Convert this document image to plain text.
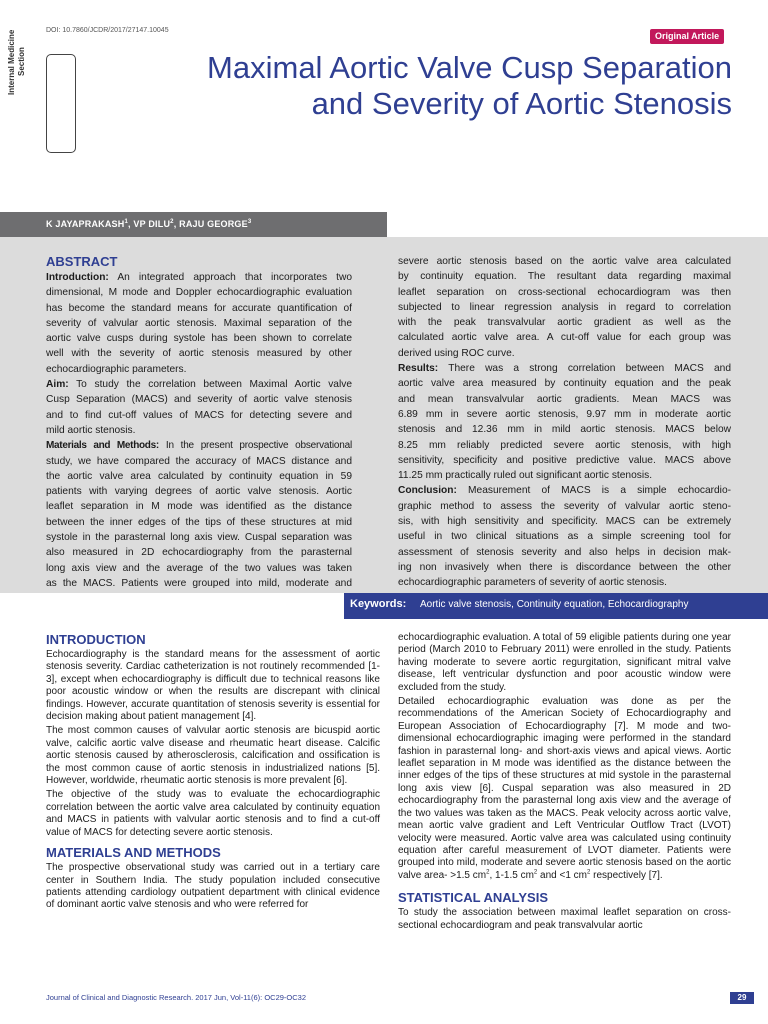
DOI: 10.7860/JCDR/2017/27147.10045
Original Article
Internal Medicine Section	Maximal Aortic Valve Cusp Separation
and Severity of Aortic Stenosis
K JAYAPRAKASH$^1$, VP DILU$^2$, RAJU GEORGE$^3$
ABSTRACT
Introduction: An integrated approach that incorporates two
dimensional, M mode and Doppler echocardiographic evaluation
has become the standard means for accurate quantification of
severity of valvular aortic stenosis. Maximal separation of the
aortic valve cusps during systole has been shown to correlate
well with the severity of aortic stenosis measured by other
echocardiographic parameters.
Aim: To study the correlation between Maximal Aortic valve
Cusp Separation (MACS) and severity of aortic valve stenosis
and to find cut-off values of MACS for detecting severe and
mild aortic stenosis.
Materials and Methods: In the present prospective observational
study, we have compared the accuracy of MACS distance and
the aortic valve area calculated by continuity equation in 59
patients with varying degrees of aortic valve stenosis. Aortic
leaflet separation in M mode was identified as the distance
between the inner edges of the tips of these structures at mid
systole in the parasternal long axis view. Cuspal separation was
also measured in 2D echocardiography from the parasternal
long axis view and the average of the two values was taken
as the MACS. Patients were grouped into mild, moderate and
severe aortic stenosis based on the aortic valve area calculated
by continuity equation. The resultant data regarding maximal
leaflet separation on cross-sectional echocardiogram was then
subjected to linear regression analysis in regard to correlation
with the peak transvalvular aortic gradient as well as the
calculated aortic valve area. A cut-off value for each group was
derived using ROC curve.
Results: There was a strong correlation between MACS and
aortic valve area measured by continuity equation and the peak
and mean transvalvular aortic gradients. Mean MACS was
6.89 mm in severe aortic stenosis, 9.97 mm in moderate aortic
stenosis and 12.36 mm in mild aortic stenosis. MACS below
8.25 mm reliably predicted severe aortic stenosis, with high
sensitivity, specificity and positive predictive value. MACS above
11.25 mm practically ruled out significant aortic stenosis.
Conclusion: Measurement of MACS is a simple echocardio-
graphic method to assess the severity of valvular aortic steno-
sis, with high sensitivity and specificity. MACS can be extremely
useful in two clinical situations as a simple screening tool for
assessment of stenosis severity and also helps in decision mak-
ing non invasively when there is discordance between the other
echocardiographic parameters of severity of aortic stenosis.
Keywords: Aortic valve stenosis, Continuity equation, Echocardiography
INTRODUCTION

Echocardiography is the standard means for the assessment of aortic stenosis severity. Cardiac catheterization is not routinely recommended [1-3], except when echocardiography is difficult due to technical reasons like poor acoustic window or when the results are discrepant with clinical findings. However, accurate quantitation of stenosis severity is essential for decision making about patient management [4].

The most common causes of valvular aortic stenosis are bicuspid aortic valve, calcific aortic valve disease and rheumatic heart disease. Calcific aortic stenosis caused by atherosclerosis, calcification and ossification is the most common cause of aortic stenosis in industrialized nations [5]. However, worldwide, rheumatic aortic stenosis is more prevalent [6].

The objective of the study was to evaluate the echocardiographic correlation between the aortic valve area calculated by continuity equation and MACS in patients with valvular aortic stenosis and to find a cut-off value of MACS for detecting severe aortic stenosis.

MATERIALS AND METHODS

The prospective observational study was carried out in a tertiary care center in Southern India. The study population included consecutive patients attending cardiology outpatient department with clinical evidence of dominant aortic valve stenosis and who were referred for

echocardiographic evaluation. A total of 59 eligible patients during one year period (March 2010 to February 2011) were enrolled in the study. Patients having moderate to severe aortic regurgitation, significant mitral valve disease, left ventricular dysfunction and poor acoustic window were excluded from the study.

Detailed echocardiographic evaluation was done as per the recommendations of the American Society of Echocardiography and European Association of Echocardiography [7]. M mode and two-dimensional echocardiographic imaging were performed in the standard fashion in parasternal long- and short-axis views and apical views. Aortic leaflet separation in M mode was identified as the distance between the inner edges of the tips of these structures at mid systole in the parasternal long axis view [6]. Cuspal separation was also measured in 2D echocardiography from the parasternal long axis view and the average of the two values was taken as the MACS. Peak velocity across aortic valve, mean aortic valve gradient and Left Ventricular Outflow Tract (LVOT) velocity were measured. Aortic valve area was calculated using continuity equation after careful measurement of LVOT diameter. Patients were grouped into mild, moderate and severe aortic stenosis based on the aortic valve area- >1.5 $cm^2$, 1-1.5 $cm^2$ and <1 $cm^2$ respectively [7].

STATISTICAL ANALYSIS

To study the association between maximal leaflet separation on cross-sectional echocardiogram and peak transvalvular aortic

Journal of Clinical and Diagnostic Research. 2017 Jun, Vol-11(6): OC29-OC32	29
